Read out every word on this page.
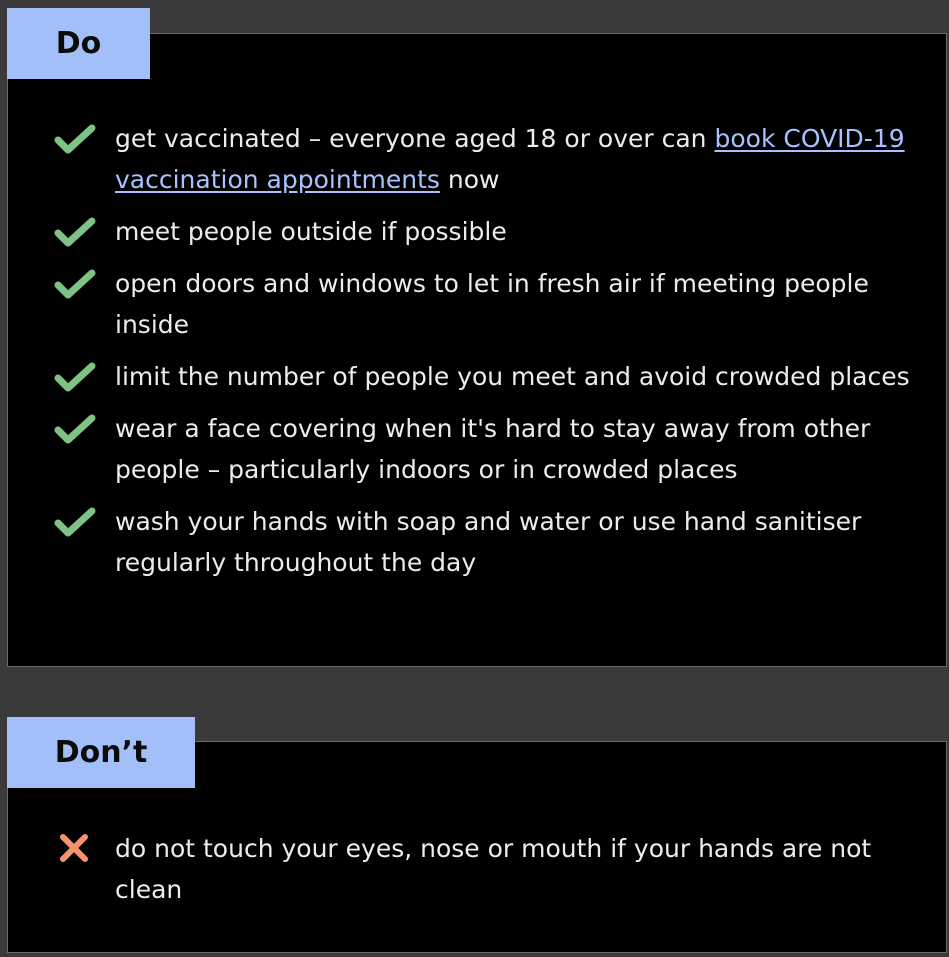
get vaccinated – everyone aged 18 or over can book COVID-19 vaccination appointments now
meet people outside if possible
open doors and windows to let in fresh air if meeting people inside
limit the number of people you meet and avoid crowded places
wear a face covering when it's hard to stay away from other people – particularly indoors or in crowded places
wash your hands with soap and water or use hand sanitiser regularly throughout the day
Do
do not touch your eyes, nose or mouth if your hands are not clean
Don’t
